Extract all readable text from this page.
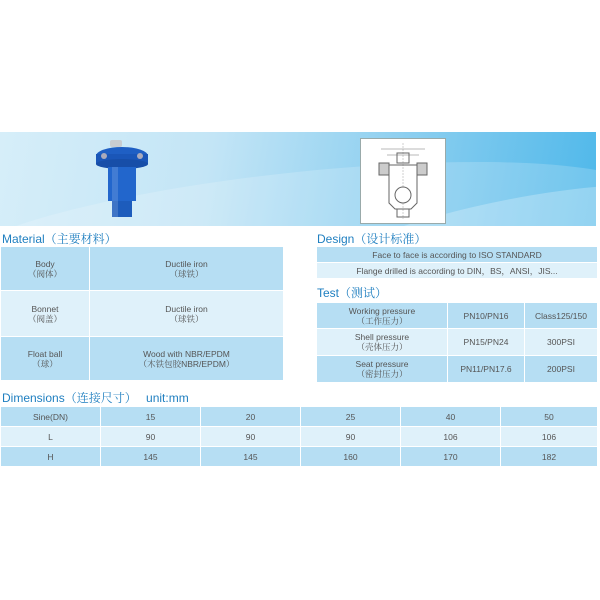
Material（主要材料）
Body
（阀体）	Ductile iron
（球铁）
Bonnet
（阀盖）	Ductile iron
（球铁）
Float ball
（球）	Wood with NBR/EPDM
（木铁包胶NBR/EPDM）
Design（设计标准）
Face to face is according to ISO STANDARD
Flange drilled is according to DIN，BS，ANSI，JIS...
Test（测试）
Working pressure
（工作压力）	PN10/PN16	Class125/150
Shell pressure
（壳体压力）	PN15/PN24	300PSI
Seat pressure
（密封压力）	PN11/PN17.6	200PSI
Dimensions（连接尺寸） unit:mm
Sine(DN)	15	20	25	40	50
L	90	90	90	106	106
H	145	145	160	170	182
